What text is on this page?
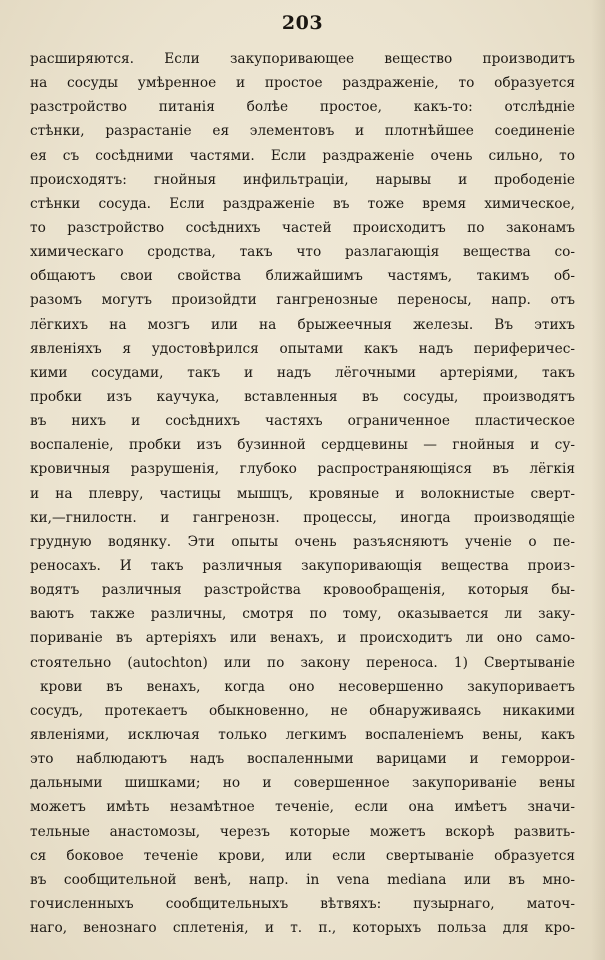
203
расширяются. Если закупоривающее вещество производитъ
на сосуды умѣренное и простое раздраженіе, то образуется
разстройство питанія болѣе простое, какъ-то: отслѣдніе
стѣнки, разрастаніе ея элементовъ и плотнѣйшее соединеніе
ея съ сосѣдними частями. Если раздраженіе очень сильно, то
происходятъ: гнойныя инфильтраціи, нарывы и прободеніе
стѣнки сосуда. Если раздраженіе въ тоже время химическое,
то разстройство сосѣднихъ частей происходитъ по законамъ
химическаго сродства, такъ что разлагающія вещества со-
общаютъ свои свойства ближайшимъ частямъ, такимъ об-
разомъ могутъ произойдти гангренозные переносы, напр. отъ
лёгкихъ на мозгъ или на брыжеечныя железы. Въ этихъ
явленіяхъ я удостовѣрился опытами какъ надъ периферичес-
кими сосудами, такъ и надъ лёгочными артеріями, такъ
пробки изъ каучука, вставленныя въ сосуды, производятъ
въ нихъ и сосѣднихъ частяхъ ограниченное пластическое
воспаленіе, пробки изъ бузинной сердцевины — гнойныя и су-
кровичныя разрушенія, глубоко распространяющіяся въ лёгкія
и на плевру, частицы мышцъ, кровяные и волокнистые сверт-
ки,—гнилостн. и гангренозн. процессы, иногда производящіе
грудную водянку. Эти опыты очень разъясняютъ ученіе о пе-
реносахъ. И такъ различныя закупоривающія вещества произ-
водятъ различныя разстройства кровообращенія, которыя бы-
ваютъ также различны, смотря по тому, оказывается ли заку-
пориваніе въ артеріяхъ или венахъ, и происходитъ ли оно само-
стоятельно (autochton) или по закону переноса. 1) Свертываніе
крови въ венахъ, когда оно несовершенно закупориваетъ
сосудъ, протекаетъ обыкновенно, не обнаруживаясь никакими
явленіями, исключая только легкимъ воспаленіемъ вены, какъ
это наблюдаютъ надъ воспаленными варицами и геморрои-
дальными шишками; но и совершенное закупориваніе вены
можетъ имѣть незамѣтное теченіе, если она имѣетъ значи-
тельные анастомозы, черезъ которые можетъ вскорѣ развить-
ся боковое теченіе крови, или если свертываніе образуется
въ сообщительной венѣ, напр. in vena mediana или въ мно-
гочисленныхъ сообщительныхъ вѣтвяхъ: пузырнаго, маточ-
наго, венознаго сплетенія, и т. п., которыхъ польза для кро-
